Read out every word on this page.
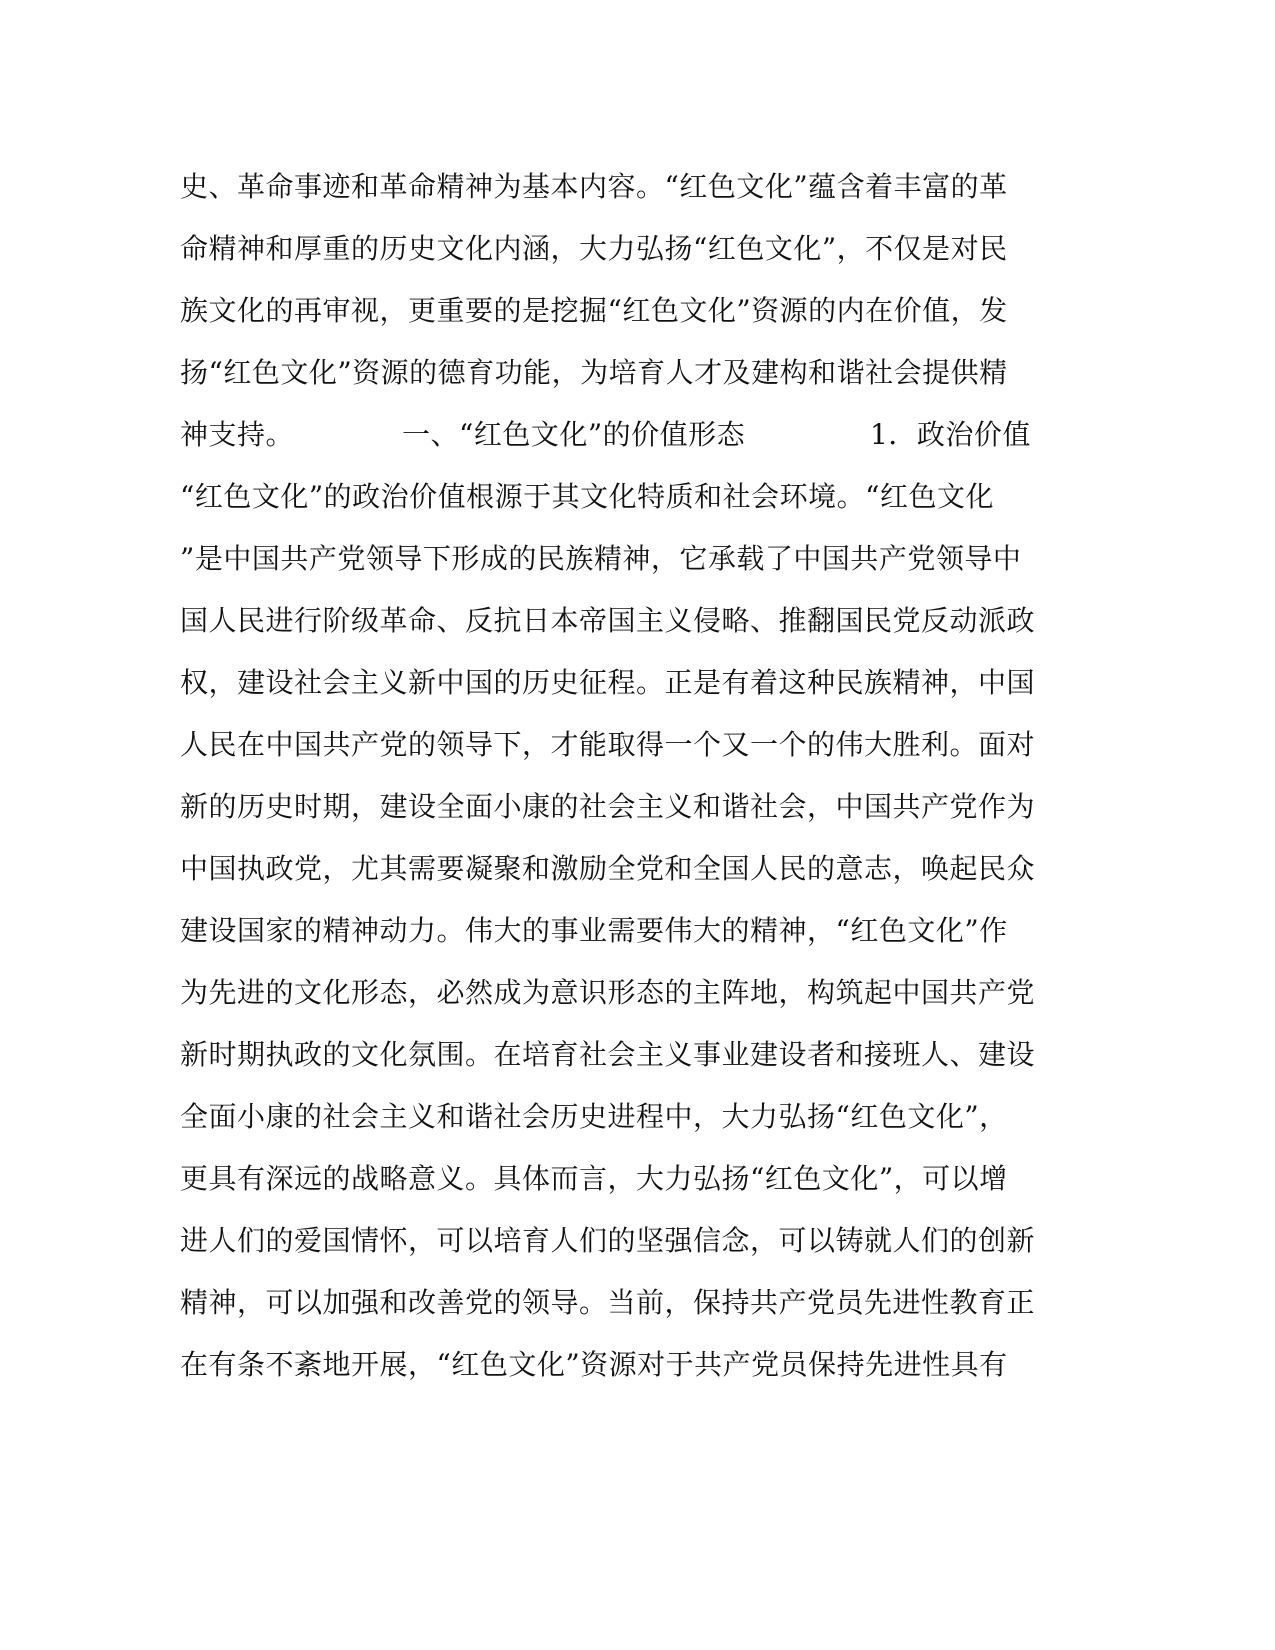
史、革命事迹和革命精神为基本内容。“红色文化”蕴含着丰富的革
命精神和厚重的历史文化内涵，大力弘扬“红色文化”，不仅是对民
族文化的再审视，更重要的是挖掘“红色文化”资源的内在价值，发
扬“红色文化”资源的德育功能，为培育人才及建构和谐社会提供精
神支持。	一、“红色文化”的价值形态	1．政治价值
“红色文化”的政治价值根源于其文化特质和社会环境。“红色文化
”是中国共产党领导下形成的民族精神，它承载了中国共产党领导中
国人民进行阶级革命、反抗日本帝国主义侵略、推翻国民党反动派政
权，建设社会主义新中国的历史征程。正是有着这种民族精神，中国
人民在中国共产党的领导下，才能取得一个又一个的伟大胜利。面对
新的历史时期，建设全面小康的社会主义和谐社会，中国共产党作为
中国执政党，尤其需要凝聚和激励全党和全国人民的意志，唤起民众
建设国家的精神动力。伟大的事业需要伟大的精神，“红色文化”作
为先进的文化形态，必然成为意识形态的主阵地，构筑起中国共产党
新时期执政的文化氛围。在培育社会主义事业建设者和接班人、建设
全面小康的社会主义和谐社会历史进程中，大力弘扬“红色文化”，
更具有深远的战略意义。具体而言，大力弘扬“红色文化”，可以增
进人们的爱国情怀，可以培育人们的坚强信念，可以铸就人们的创新
精神，可以加强和改善党的领导。当前，保持共产党员先进性教育正
在有条不紊地开展，“红色文化”资源对于共产党员保持先进性具有
